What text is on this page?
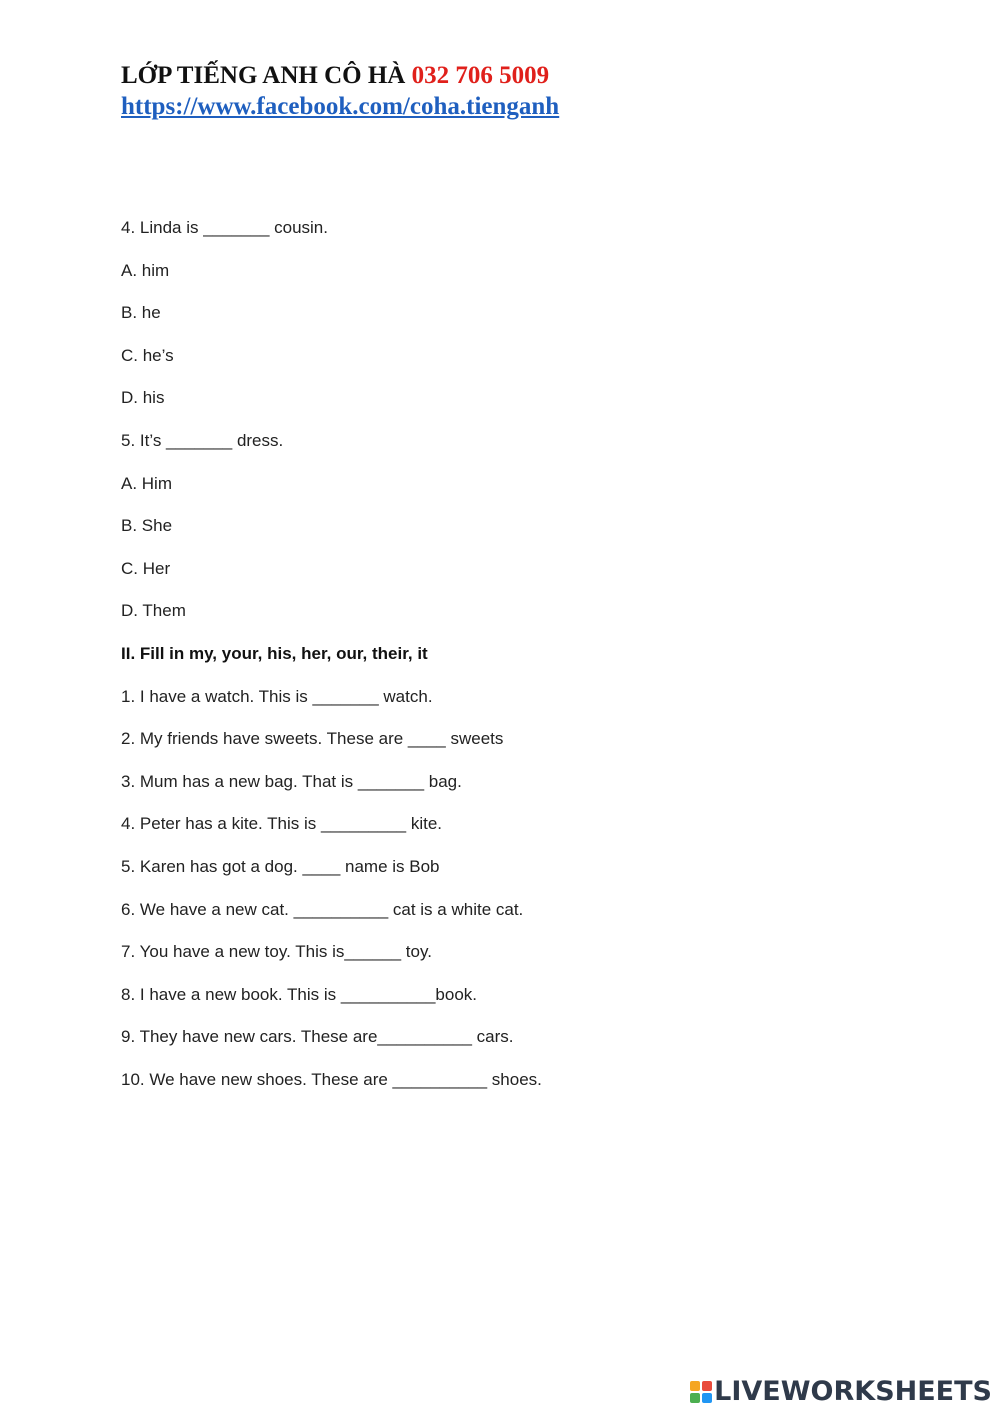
LỚP TIẾNG ANH CÔ HÀ 032 706 5009
https://www.facebook.com/coha.tienganh
4. Linda is _______ cousin.
A. him
B. he
C. he’s
D. his
5. It’s _______ dress.
A. Him
B. She
C. Her
D. Them
II. Fill in my, your, his, her, our, their, it
1. I have a watch. This is _______ watch.
2. My friends have sweets. These are ____ sweets
3. Mum has a new bag. That is _______ bag.
4. Peter has a kite. This is _________ kite.
5. Karen has got a dog. ____ name is Bob
6. We have a new cat. __________ cat is a white cat.
7. You have a new toy. This is______ toy.
8. I have a new book. This is __________book.
9. They have new cars. These are__________ cars.
10. We have new shoes. These are __________ shoes.
LIVEWORKSHEETS
